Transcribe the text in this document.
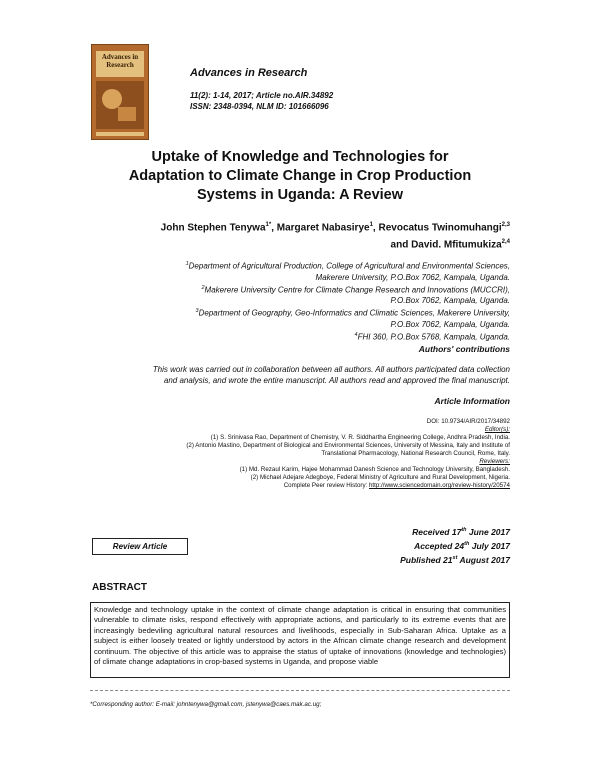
Advances in Research
Advances in Research
11(2): 1-14, 2017; Article no.AIR.34892
ISSN: 2348-0394, NLM ID: 101666096
Uptake of Knowledge and Technologies for
Adaptation to Climate Change in Crop Production
Systems in Uganda: A Review
John Stephen Tenywa$^{1*}$, Margaret Nabasirye$^1$, Revocatus Twinomuhangi$^{2,3}$
and David. Mfitumukiza$^{2,4}$
$^1$Department of Agricultural Production, College of Agricultural and Environmental Sciences,
Makerere University, P.O.Box 7062, Kampala, Uganda.
$^2$Makerere University Centre for Climate Change Research and Innovations (MUCCRI),
P.O.Box 7062, Kampala, Uganda.
$^3$Department of Geography, Geo-Informatics and Climatic Sciences, Makerere University,
P.O.Box 7062, Kampala, Uganda.
$^4$FHI 360, P.O.Box 5768, Kampala, Uganda.
Authors' contributions
This work was carried out in collaboration between all authors. All authors participated data collection
and analysis, and wrote the entire manuscript. All authors read and approved the final manuscript.
Article Information
DOI: 10.9734/AIR/2017/34892
Editor(s):
(1) S. Srinivasa Rao, Department of Chemistry, V. R. Siddhartha Engineering College, Andhra Pradesh, India.
(2) Antonio Mastino, Department of Biological and Environmental Sciences, University of Messina, Italy and Institute of
Translational Pharmacology, National Research Council, Rome, Italy.
Reviewers:
(1) Md. Rezaul Karim, Hajee Mohammad Danesh Science and Technology University, Bangladesh.
(2) Michael Adejare Adegboye, Federal Ministry of Agriculture and Rural Development, Nigeria.
Complete Peer review History: http://www.sciencedomain.org/review-history/20574
Review Article
Received 17th June 2017
Accepted 24th July 2017
Published 21st August 2017
ABSTRACT
Knowledge and technology uptake in the context of climate change adaptation is critical in ensuring that communities vulnerable to climate risks, respond effectively with appropriate actions, and particularly to its extreme events that are increasingly bedeviling agricultural natural resources and livelihoods, especially in Sub-Saharan Africa. Uptake as a subject is either loosely treated or lightly understood by actors in the African climate change research and development continuum. The objective of this article was to appraise the status of uptake of innovations (knowledge and technologies) of climate change adaptations in crop-based systems in Uganda, and propose viable
*Corresponding author: E-mail: johntenywa@gmail.com, jstenywa@caes.mak.ac.ug;
